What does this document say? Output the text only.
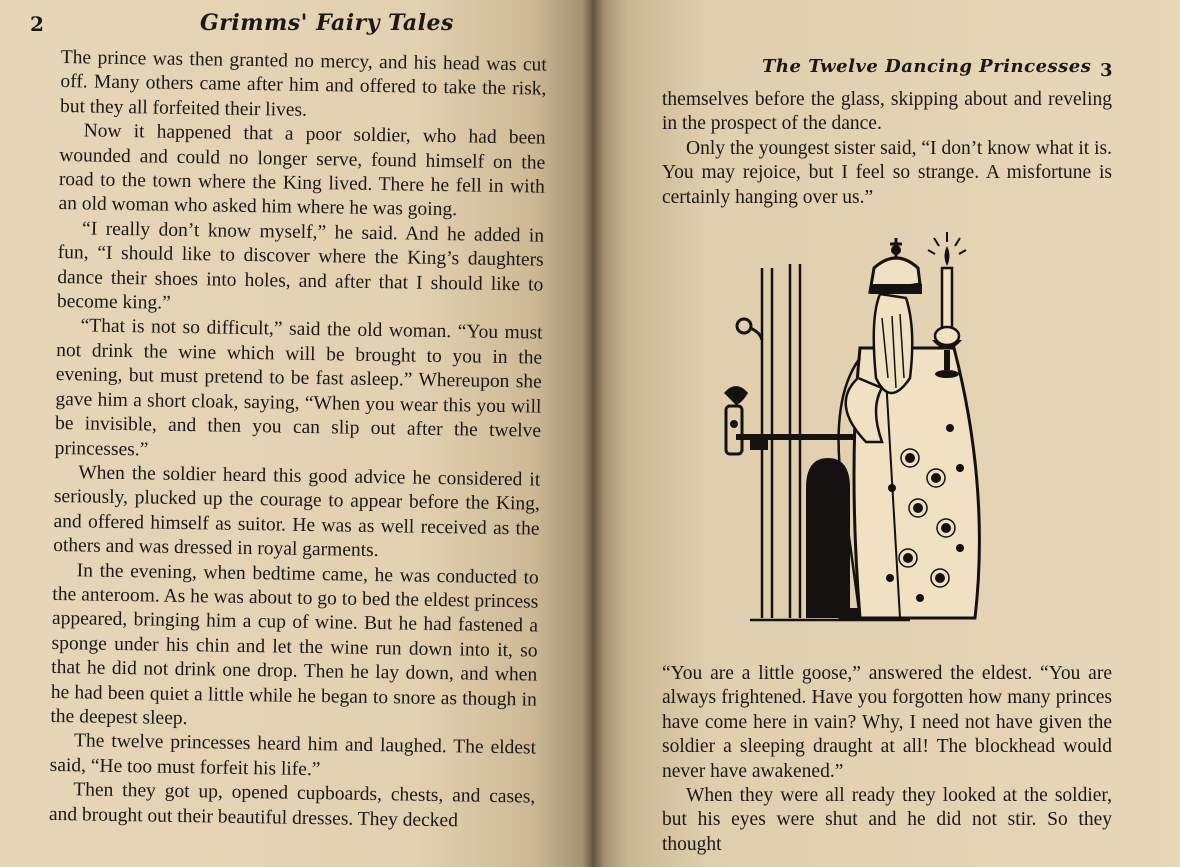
2	Grimms' Fairy Tales

The prince was then granted no mercy, and his head was cut off. Many others came after him and offered to take the risk, but they all forfeited their lives.

Now it happened that a poor soldier, who had been wounded and could no longer serve, found himself on the road to the town where the King lived. There he fell in with an old woman who asked him where he was going.

“I really don’t know myself,” he said. And he added in fun, “I should like to discover where the King’s daughters dance their shoes into holes, and after that I should like to become king.”

“That is not so difficult,” said the old woman. “You must not drink the wine which will be brought to you in the evening, but must pretend to be fast asleep.” Whereupon she gave him a short cloak, saying, “When you wear this you will be invisible, and then you can slip out after the twelve princesses.”

When the soldier heard this good advice he considered it seriously, plucked up the courage to appear before the King, and offered himself as suitor. He was as well received as the others and was dressed in royal garments.

In the evening, when bedtime came, he was conducted to the anteroom. As he was about to go to bed the eldest princess appeared, bringing him a cup of wine. But he had fastened a sponge under his chin and let the wine run down into it, so that he did not drink one drop. Then he lay down, and when he had been quiet a little while he began to snore as though in the deepest sleep.

The twelve princesses heard him and laughed. The eldest said, “He too must forfeit his life.”

Then they got up, opened cupboards, chests, and cases, and brought out their beautiful dresses. They decked

The Twelve Dancing Princesses 3

themselves before the glass, skipping about and reveling in the prospect of the dance.

Only the youngest sister said, “I don’t know what it is. You may rejoice, but I feel so strange. A misfortune is certainly hanging over us.”

“You are a little goose,” answered the eldest. “You are always frightened. Have you forgotten how many princes have come here in vain? Why, I need not have given the soldier a sleeping draught at all! The blockhead would never have awakened.”

When they were all ready they looked at the soldier, but his eyes were shut and he did not stir. So they thought
